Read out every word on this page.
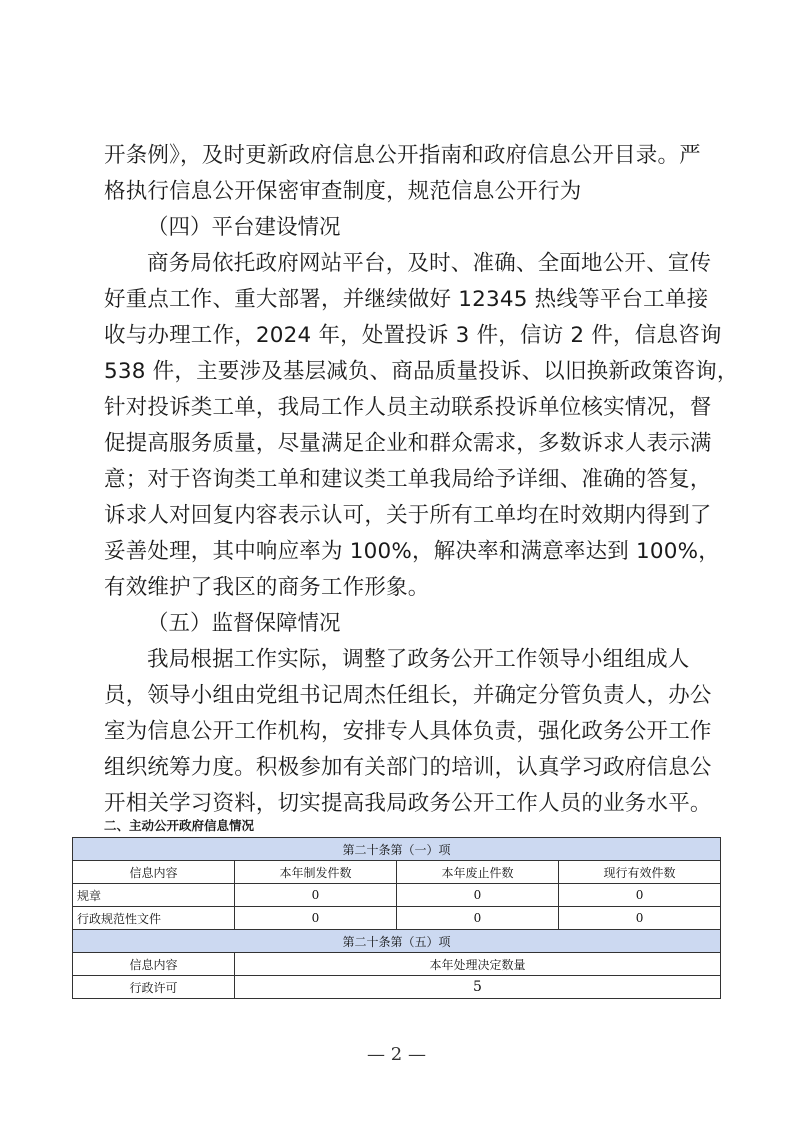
开条例》，及时更新政府信息公开指南和政府信息公开目录。严
格执行信息公开保密审查制度，规范信息公开行为
（四）平台建设情况
商务局依托政府网站平台，及时、准确、全面地公开、宣传
好重点工作、重大部署，并继续做好 12345 热线等平台工单接
收与办理工作，2024 年，处置投诉 3 件，信访 2 件，信息咨询
538 件，主要涉及基层减负、商品质量投诉、以旧换新政策咨询，
针对投诉类工单，我局工作人员主动联系投诉单位核实情况，督
促提高服务质量，尽量满足企业和群众需求，多数诉求人表示满
意；对于咨询类工单和建议类工单我局给予详细、准确的答复，
诉求人对回复内容表示认可，关于所有工单均在时效期内得到了
妥善处理，其中响应率为 100%，解决率和满意率达到 100%，
有效维护了我区的商务工作形象。
（五）监督保障情况
我局根据工作实际，调整了政务公开工作领导小组组成人
员，领导小组由党组书记周杰任组长，并确定分管负责人，办公
室为信息公开工作机构，安排专人具体负责，强化政务公开工作
组织统筹力度。积极参加有关部门的培训，认真学习政府信息公
开相关学习资料，切实提高我局政务公开工作人员的业务水平。
二、主动公开政府信息情况
第二十条第（一）项			
信息内容	本年制发件数	本年废止件数	现行有效件数
规章	0	0	0
行政规范性文件	0	0	0
第二十条第（五）项			
信息内容	本年处理决定数量		
行政许可	5		
— 2 —
